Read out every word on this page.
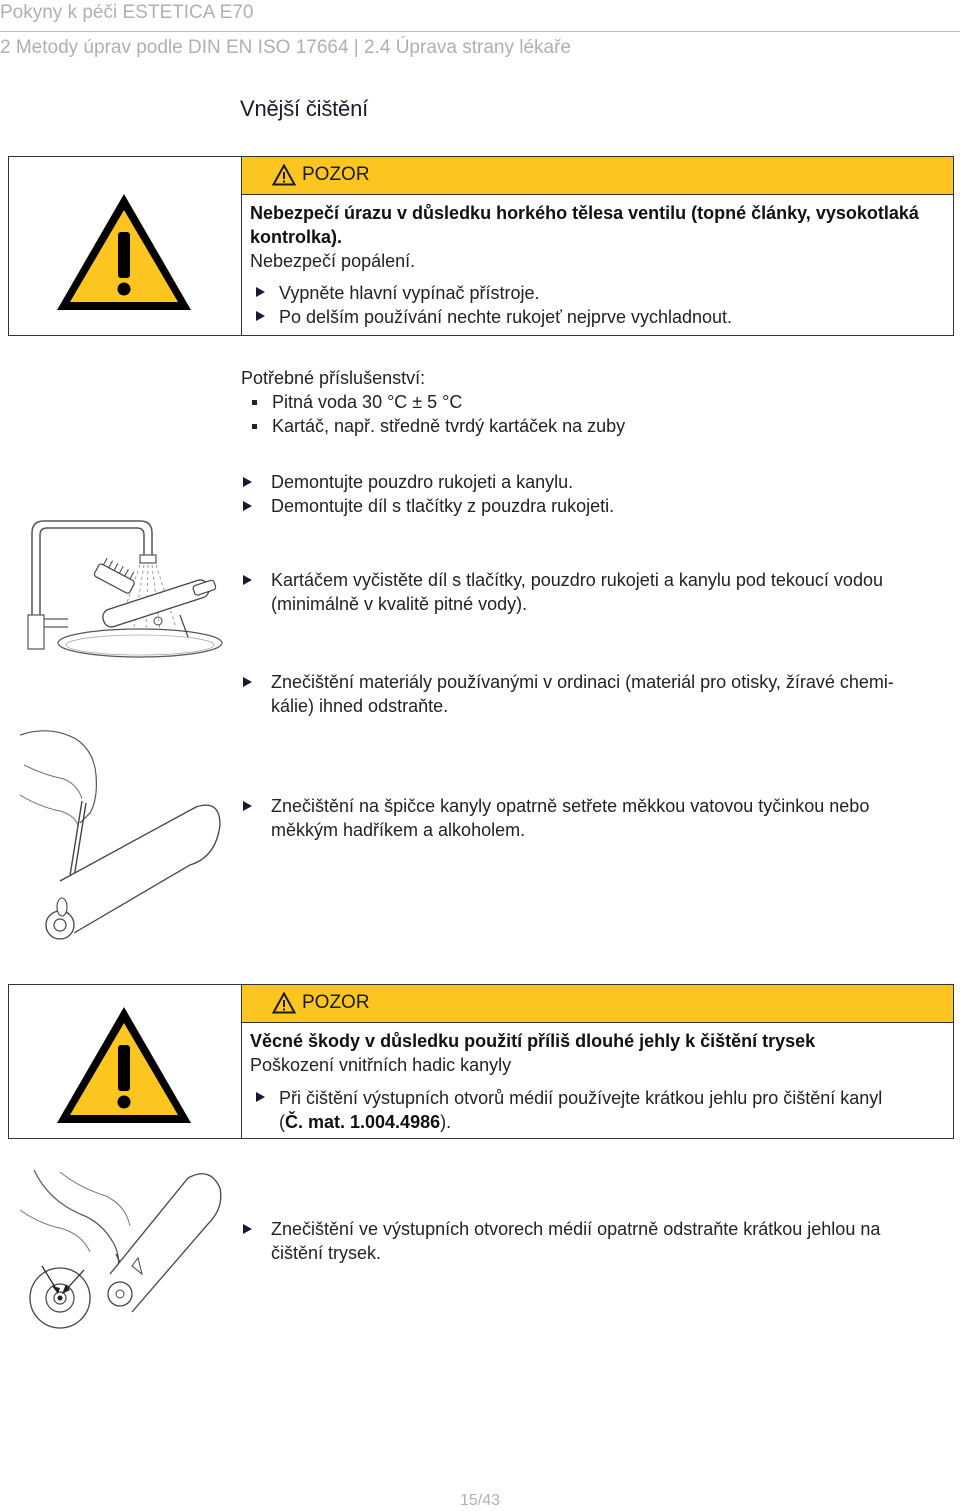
Pokyny k péči ESTETICA E70
2 Metody úprav podle DIN EN ISO 17664 | 2.4 Úprava strany lékaře
Vnější čištění
POZOR
Nebezpečí úrazu v důsledku horkého tělesa ventilu (topné články, vysokotlaká
kontrolka).
Nebezpečí popálení.
Vypněte hlavní vypínač přístroje.
Po delším používání nechte rukojeť nejprve vychladnout.
Potřebné příslušenství:
Pitná voda 30 °C ± 5 °C
Kartáč, např. středně tvrdý kartáček na zuby
Demontujte pouzdro rukojeti a kanylu.
Demontujte díl s tlačítky z pouzdra rukojeti.
Kartáčem vyčistěte díl s tlačítky, pouzdro rukojeti a kanylu pod tekoucí vodou
(minimálně v kvalitě pitné vody).
Znečištění materiály používanými v ordinaci (materiál pro otisky, žíravé chemi-
kálie) ihned odstraňte.
Znečištění na špičce kanyly opatrně setřete měkkou vatovou tyčinkou nebo
měkkým hadříkem a alkoholem.
POZOR
Věcné škody v důsledku použití příliš dlouhé jehly k čištění trysek
Poškození vnitřních hadic kanyly
Při čištění výstupních otvorů médií používejte krátkou jehlu pro čištění kanyl
(Č. mat. 1.004.4986).
Znečištění ve výstupních otvorech médií opatrně odstraňte krátkou jehlou na
čištění trysek.
15/43
